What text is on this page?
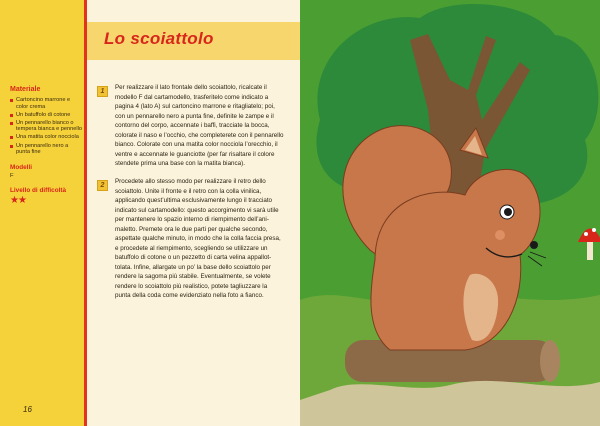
Materiale
Cartoncino marrone e color crema
Un batuffolo di cotone
Un pennarello bianco o tempera bianca e pennello
Una matita color nocciola
Un pennarello nero a punta fine
Modelli
F
Livello di difficoltà
★★
16
Lo scoiattolo
1
Per realizzare il lato frontale dello scoiattolo, ricalcate il
modello F dal cartamodello, trasferitelo come indicato a
pagina 4 (lato A) sul cartoncino marrone e ritagliatelo; poi,
con un pennarello nero a punta fine, definite le zampe e il
contorno del corpo, accennate i baffi, tracciate la bocca,
colorate il naso e l’occhio, che completerete con il pennarello
bianco. Colorate con una matita color nocciola l’orecchio, il
ventre e accennate le guanciotte (per far risaltare il colore
stendete prima una base con la matita bianca).
2
Procedete allo stesso modo per realizzare il retro dello
scoiattolo. Unite il fronte e il retro con la colla vinilica,
applicando quest’ultima esclusivamente lungo il tracciato
indicato sul cartamodello: questo accorgimento vi sarà utile
per mantenere lo spazio interno di riempimento dell’ani-
maletto. Premete ora le due parti per qualche secondo,
aspettate qualche minuto, in modo che la colla faccia presa,
e procedete al riempimento, scegliendo se utilizzare un
batuffolo di cotone o un pezzetto di carta velina appallot-
tolata. Infine, allargate un po’ la base dello scoiattolo per
rendere la sagoma più stabile. Eventualmente, se volete
rendere lo scoiattolo più realistico, potete tagliuzzare la
punta della coda come evidenziato nella foto a fianco.
